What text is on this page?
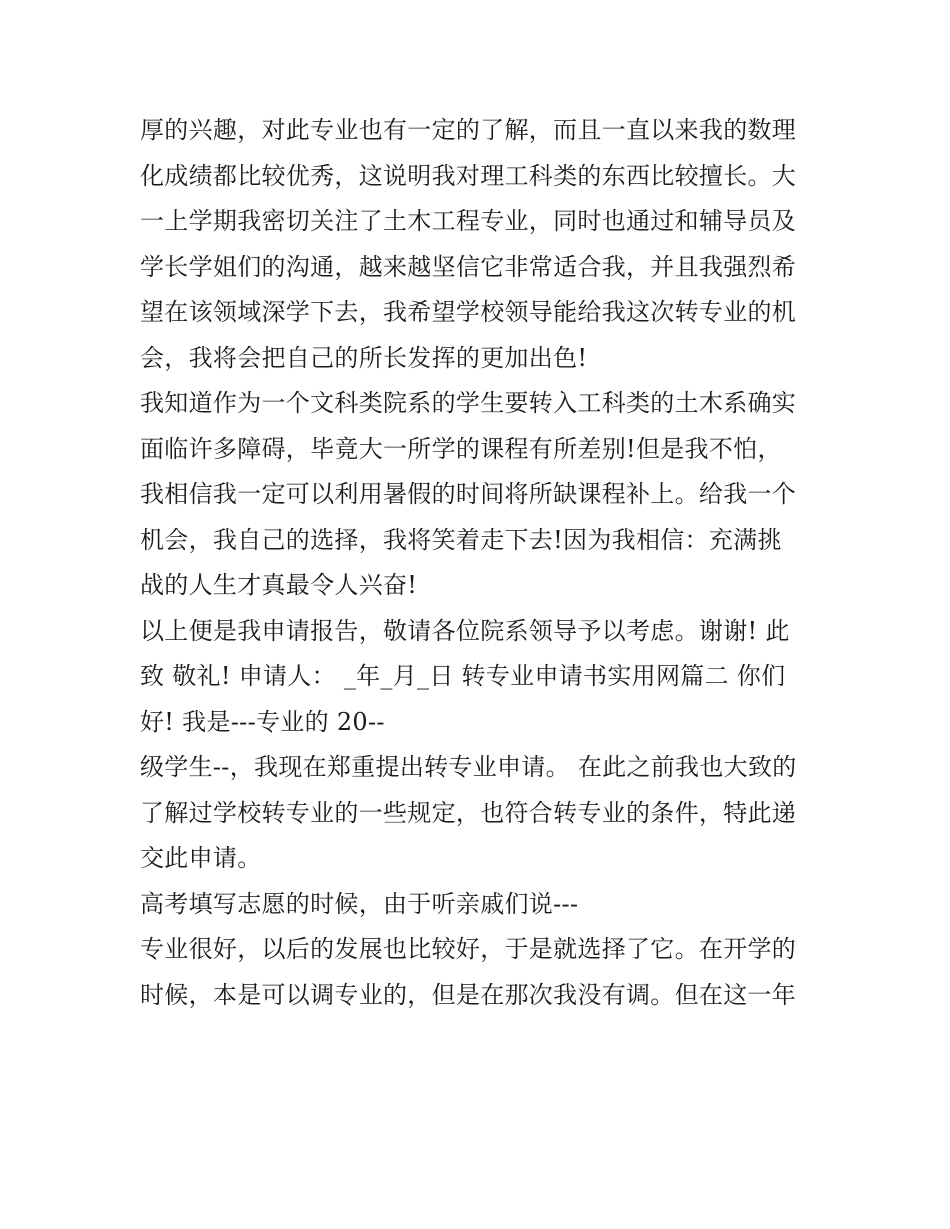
厚的兴趣，对此专业也有一定的了解，而且一直以来我的数理
化成绩都比较优秀，这说明我对理工科类的东西比较擅长。大
一上学期我密切关注了土木工程专业，同时也通过和辅导员及
学长学姐们的沟通，越来越坚信它非常适合我，并且我强烈希
望在该领域深学下去，我希望学校领导能给我这次转专业的机
会，我将会把自己的所长发挥的更加出色!
我知道作为一个文科类院系的学生要转入工科类的土木系确实
面临许多障碍，毕竟大一所学的课程有所差别!但是我不怕，
我相信我一定可以利用暑假的时间将所缺课程补上。给我一个
机会，我自己的选择，我将笑着走下去!因为我相信：充满挑
战的人生才真最令人兴奋!
以上便是我申请报告，敬请各位院系领导予以考虑。谢谢! 此
致 敬礼! 申请人： _年_月_日 转专业申请书实用网篇二 你们
好! 我是---专业的 20--
级学生--，我现在郑重提出转专业申请。 在此之前我也大致的
了解过学校转专业的一些规定，也符合转专业的条件，特此递
交此申请。
高考填写志愿的时候，由于听亲戚们说---
专业很好，以后的发展也比较好，于是就选择了它。在开学的
时候，本是可以调专业的，但是在那次我没有调。但在这一年
